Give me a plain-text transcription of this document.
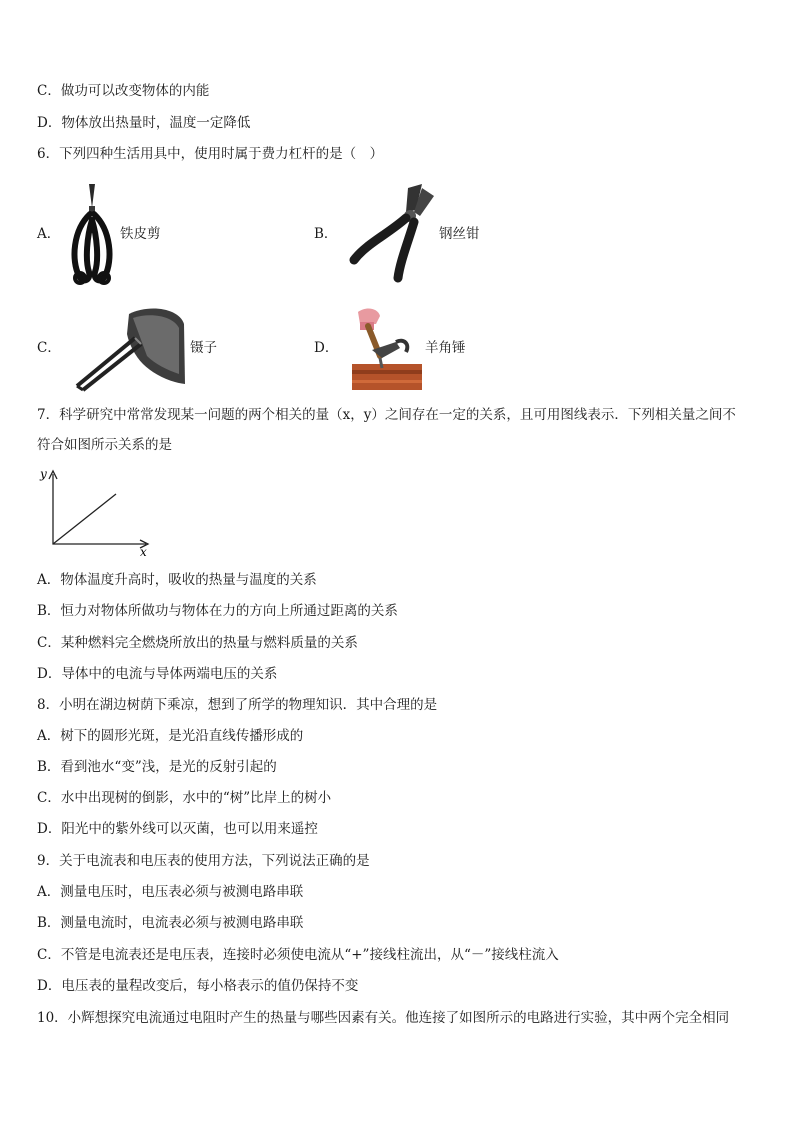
C．做功可以改变物体的内能
D．物体放出热量时，温度一定降低
6．下列四种生活用具中，使用时属于费力杠杆的是（　）
A．	铁皮剪	B．	钢丝钳
C．	镊子	D．	羊角锤
7．科学研究中常常发现某一问题的两个相关的量（x，y）之间存在一定的关系，且可用图线表示．下列相关量之间不
符合如图所示关系的是
y
x
A．物体温度升高时，吸收的热量与温度的关系
B．恒力对物体所做功与物体在力的方向上所通过距离的关系
C．某种燃料完全燃烧所放出的热量与燃料质量的关系
D．导体中的电流与导体两端电压的关系
8．小明在湖边树荫下乘凉，想到了所学的物理知识．其中合理的是
A．树下的圆形光斑，是光沿直线传播形成的
B．看到池水“变”浅，是光的反射引起的
C．水中出现树的倒影，水中的“树”比岸上的树小
D．阳光中的紫外线可以灭菌，也可以用来遥控
9．关于电流表和电压表的使用方法，下列说法正确的是
A．测量电压时，电压表必须与被测电路串联
B．测量电流时，电流表必须与被测电路串联
C．不管是电流表还是电压表，连接时必须使电流从“+”接线柱流出，从“－”接线柱流入
D．电压表的量程改变后，每小格表示的值仍保持不变
10．小辉想探究电流通过电阻时产生的热量与哪些因素有关。他连接了如图所示的电路进行实验，其中两个完全相同
